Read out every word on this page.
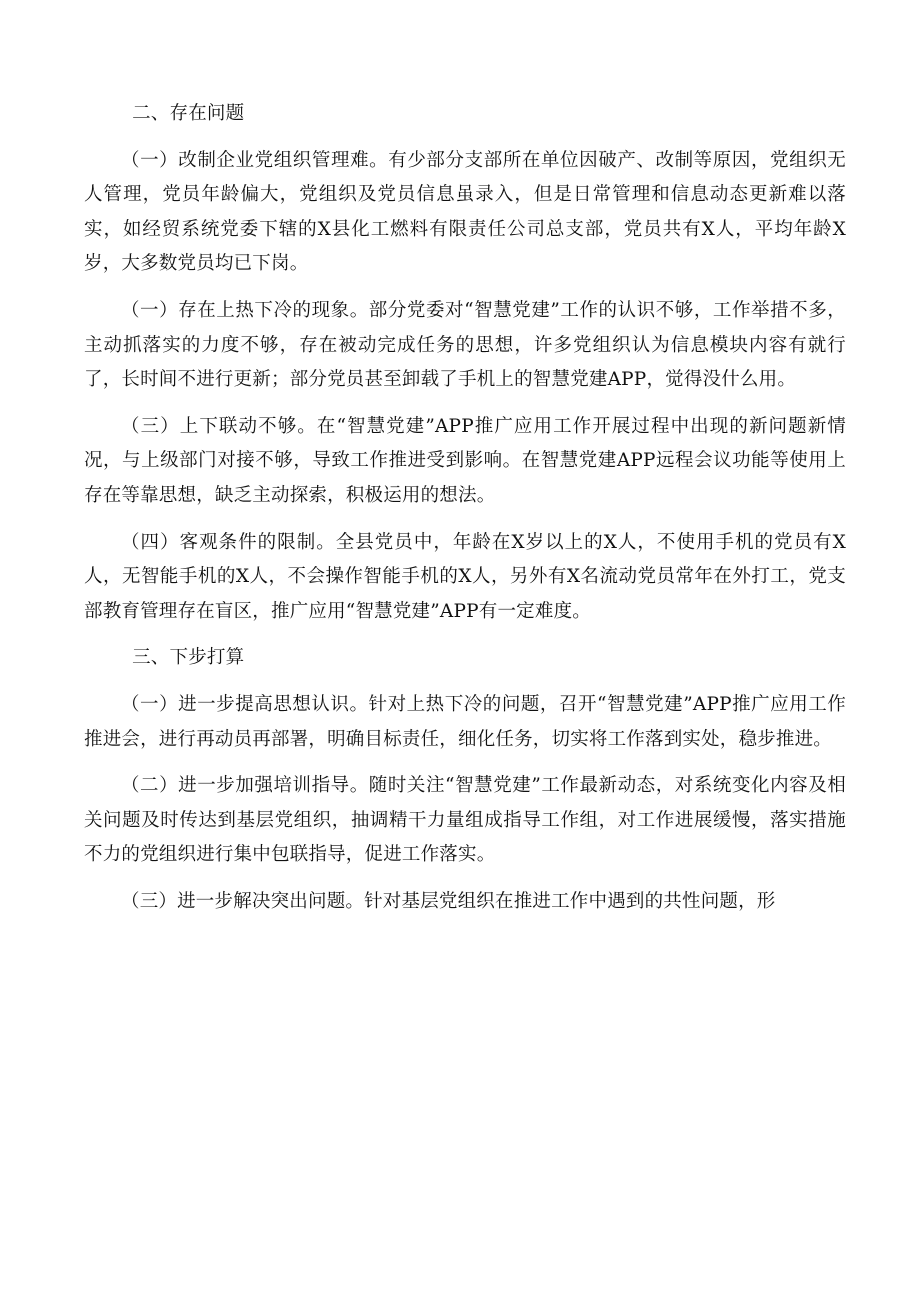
二、存在问题

（一）改制企业党组织管理难。有少部分支部所在单位因破产、改制等原因，党组织无人管理，党员年龄偏大，党组织及党员信息虽录入，但是日常管理和信息动态更新难以落实，如经贸系统党委下辖的X县化工燃料有限责任公司总支部，党员共有X人，平均年龄X岁，大多数党员均已下岗。

（一）存在上热下冷的现象。部分党委对“智慧党建”工作的认识不够，工作举措不多，主动抓落实的力度不够，存在被动完成任务的思想，许多党组织认为信息模块内容有就行了，长时间不进行更新；部分党员甚至卸载了手机上的智慧党建APP，觉得没什么用。

（三）上下联动不够。在“智慧党建”APP推广应用工作开展过程中出现的新问题新情况，与上级部门对接不够，导致工作推进受到影响。在智慧党建APP远程会议功能等使用上存在等靠思想，缺乏主动探索，积极运用的想法。

（四）客观条件的限制。全县党员中，年龄在X岁以上的X人，不使用手机的党员有X人，无智能手机的X人，不会操作智能手机的X人，另外有X名流动党员常年在外打工，党支部教育管理存在盲区，推广应用“智慧党建”APP有一定难度。

三、下步打算

（一）进一步提高思想认识。针对上热下冷的问题，召开“智慧党建”APP推广应用工作推进会，进行再动员再部署，明确目标责任，细化任务，切实将工作落到实处，稳步推进。

（二）进一步加强培训指导。随时关注“智慧党建”工作最新动态，对系统变化内容及相关问题及时传达到基层党组织，抽调精干力量组成指导工作组，对工作进展缓慢，落实措施不力的党组织进行集中包联指导，促进工作落实。

（三）进一步解决突出问题。针对基层党组织在推进工作中遇到的共性问题，形
